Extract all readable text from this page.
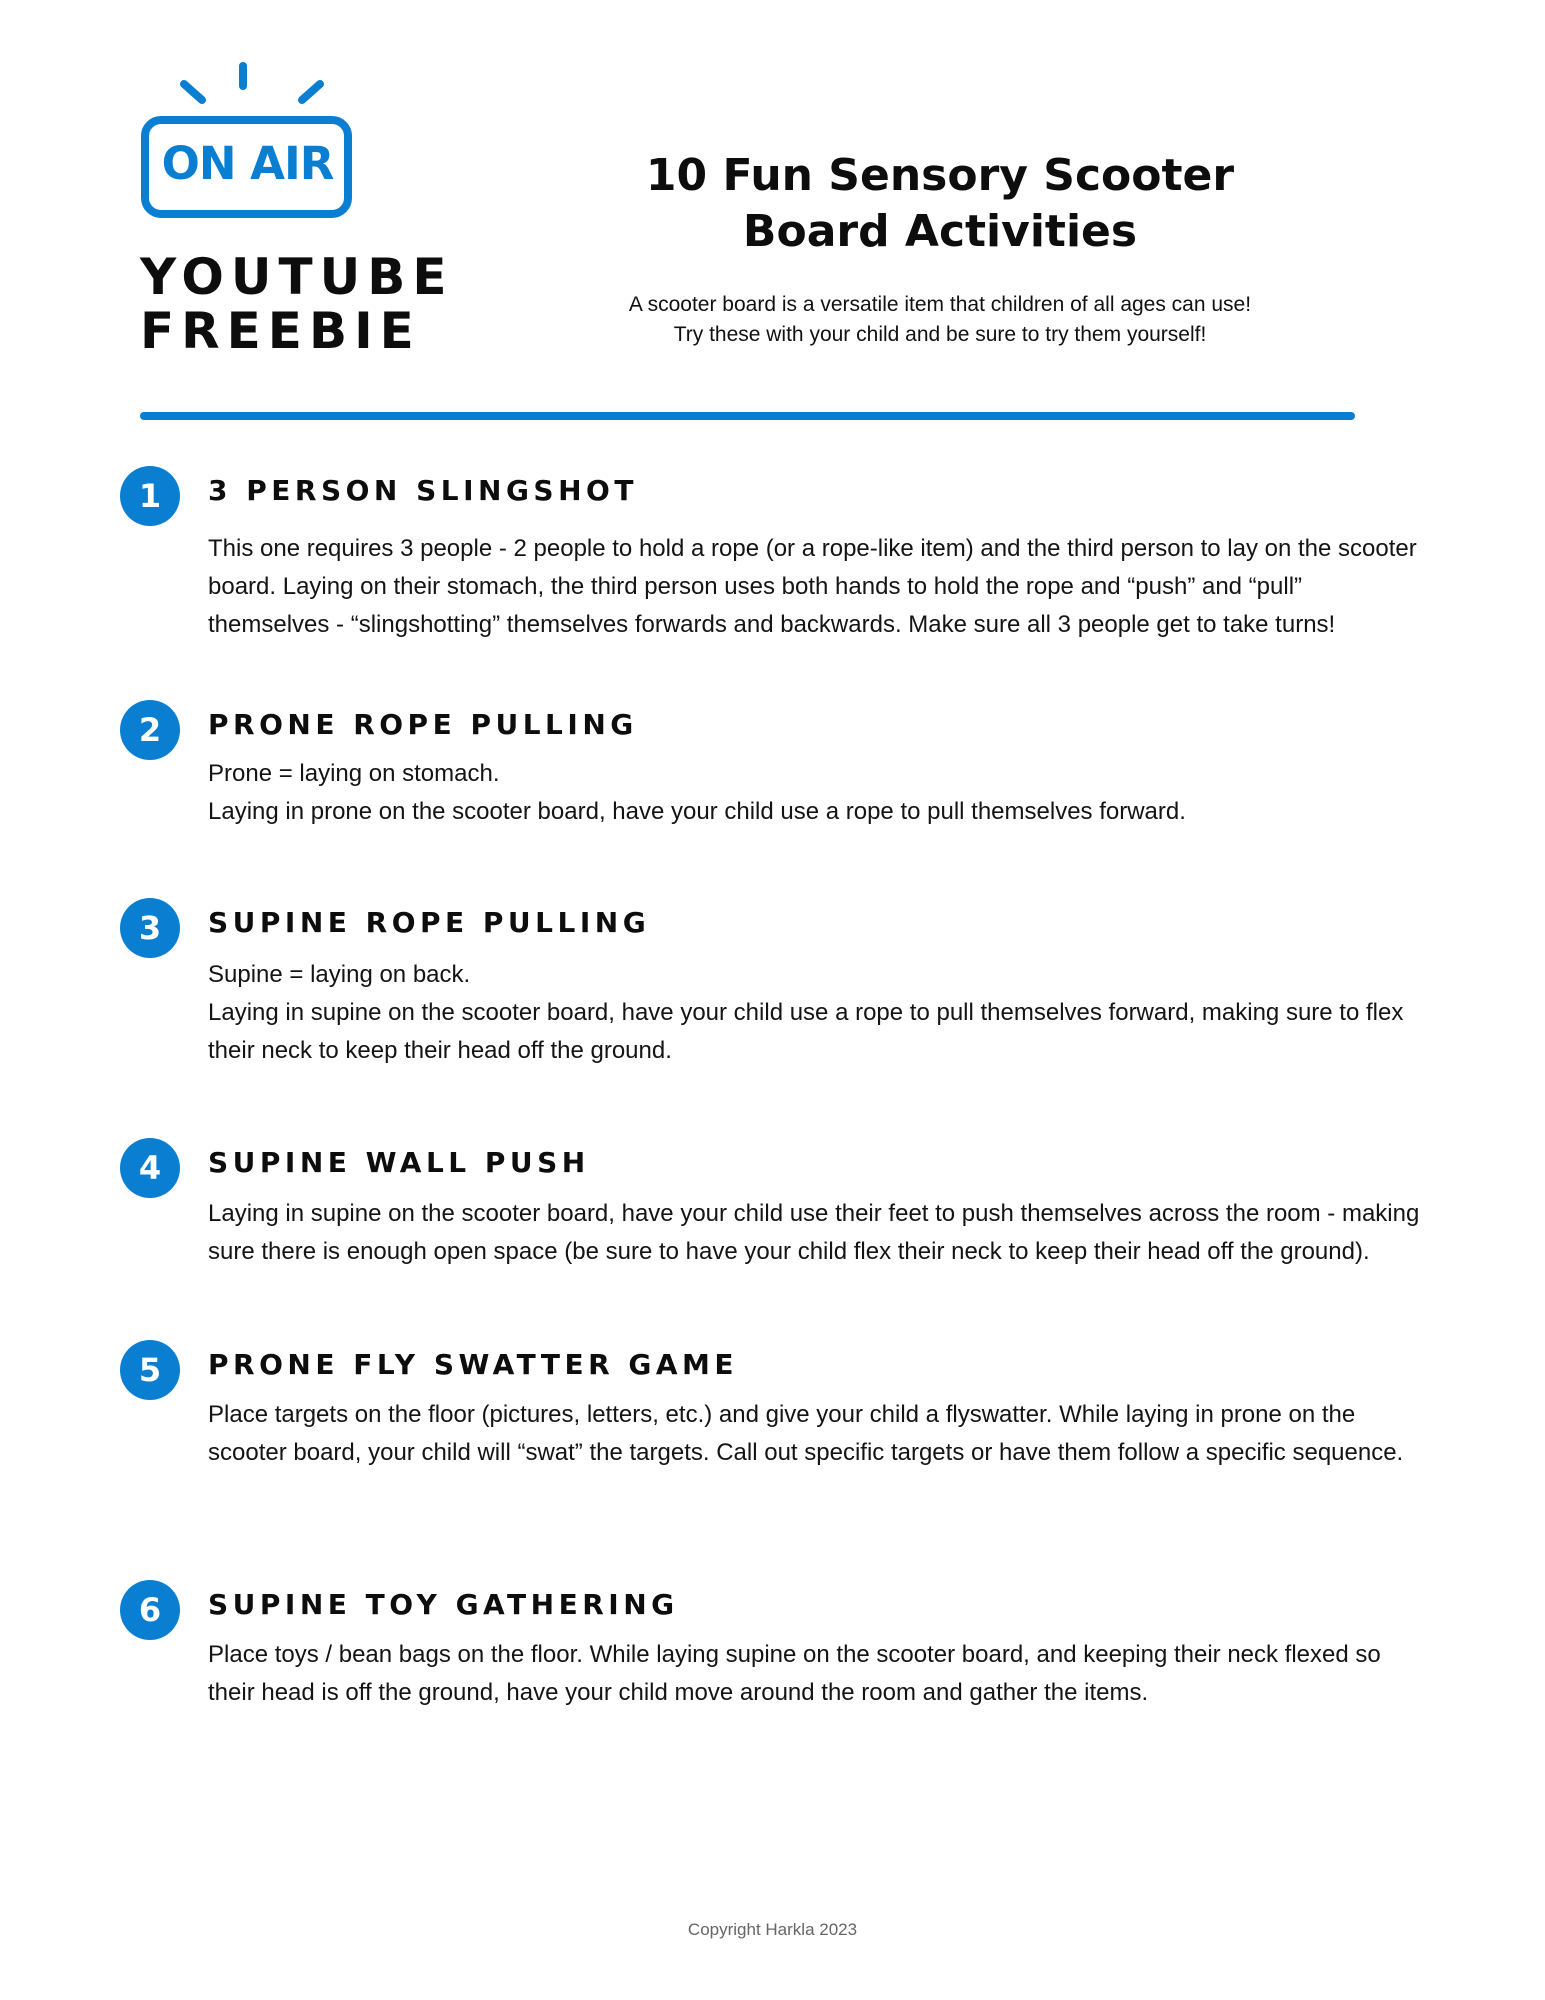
ON AIR
YOUTUBE
FREEBIE
10 Fun Sensory Scooter
Board Activities
A scooter board is a versatile item that children of all ages can use!
Try these with your child and be sure to try them yourself!
1	3 PERSON SLINGSHOT

This one requires 3 people - 2 people to hold a rope (or a rope-like item) and the third person to lay on the scooter board. Laying on their stomach, the third person uses both hands to hold the rope and “push” and “pull” themselves - “slingshotting” themselves forwards and backwards. Make sure all 3 people get to take turns!

2	PRONE ROPE PULLING

Prone = laying on stomach.

Laying in prone on the scooter board, have your child use a rope to pull themselves forward.

3	SUPINE ROPE PULLING

Supine = laying on back.

Laying in supine on the scooter board, have your child use a rope to pull themselves forward, making sure to flex their neck to keep their head off the ground.

4	SUPINE WALL PUSH

Laying in supine on the scooter board, have your child use their feet to push themselves across the room - making sure there is enough open space (be sure to have your child flex their neck to keep their head off the ground).

5	PRONE FLY SWATTER GAME

Place targets on the floor (pictures, letters, etc.) and give your child a flyswatter. While laying in prone on the scooter board, your child will “swat” the targets. Call out specific targets or have them follow a specific sequence.

6	SUPINE TOY GATHERING

Place toys / bean bags on the floor. While laying supine on the scooter board, and keeping their neck flexed so their head is off the ground, have your child move around the room and gather the items.

Copyright Harkla 2023
